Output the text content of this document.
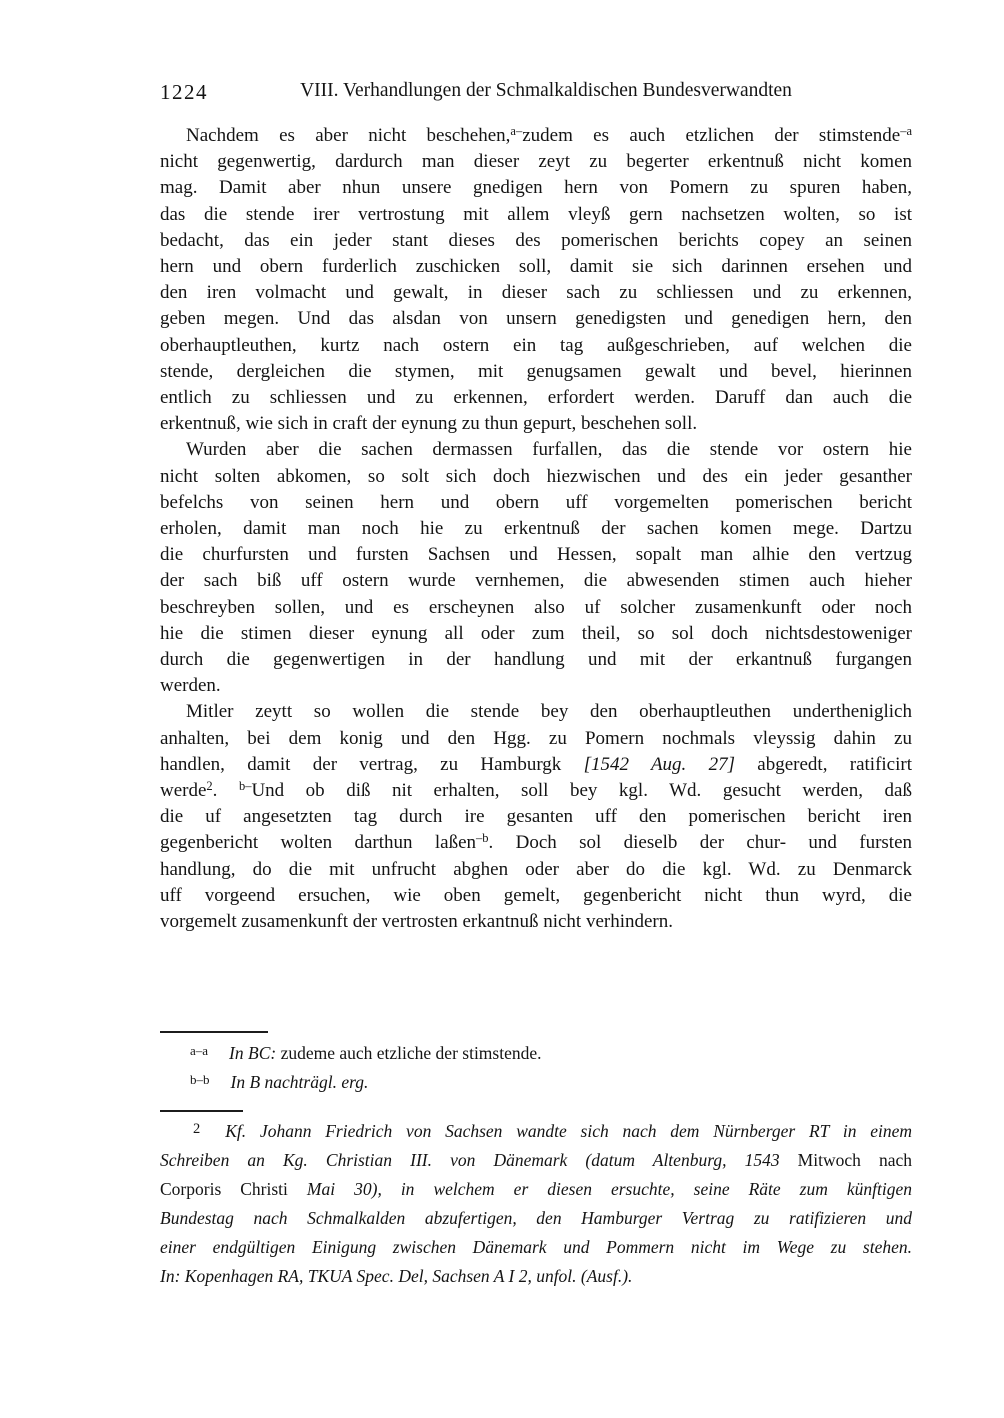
1224	VIII. Verhandlungen der Schmalkaldischen Bundesverwandten
Nachdem es aber nicht beschehen,$^{a-}$zudem es auch etzlichen der stimstende$^{-a}$
nicht gegenwertig, dardurch man dieser zeyt zu begerter erkentnuß nicht komen
mag. Damit aber nhun unsere gnedigen hern von Pomern zu spuren haben,
das die stende irer vertrostung mit allem vleyß gern nachsetzen wolten, so ist
bedacht, das ein jeder stant dieses des pomerischen berichts copey an seinen
hern und obern furderlich zuschicken soll, damit sie sich darinnen ersehen und
den iren volmacht und gewalt, in dieser sach zu schliessen und zu erkennen,
geben megen. Und das alsdan von unsern genedigsten und genedigen hern, den
oberhauptleuthen, kurtz nach ostern ein tag außgeschrieben, auf welchen die
stende, dergleichen die stymen, mit genugsamen gewalt und bevel, hierinnen
entlich zu schliessen und zu erkennen, erfordert werden. Daruff dan auch die
erkentnuß, wie sich in craft der eynung zu thun gepurt, beschehen soll.
Wurden aber die sachen dermassen furfallen, das die stende vor ostern hie
nicht solten abkomen, so solt sich doch hiezwischen und des ein jeder gesanther
befelchs von seinen hern und obern uff vorgemelten pomerischen bericht
erholen, damit man noch hie zu erkentnuß der sachen komen mege. Dartzu
die churfursten und fursten Sachsen und Hessen, sopalt man alhie den vertzug
der sach biß uff ostern wurde vernhemen, die abwesenden stimen auch hieher
beschreyben sollen, und es erscheynen also uf solcher zusamenkunft oder noch
hie die stimen dieser eynung all oder zum theil, so sol doch nichtsdestoweniger
durch die gegenwertigen in der handlung und mit der erkantnuß furgangen
werden.
Mitler zeytt so wollen die stende bey den oberhauptleuthen undertheniglich
anhalten, bei dem konig und den Hgg. zu Pomern nochmals vleyssig dahin zu
handlen, damit der vertrag, zu Hamburgk [1542 Aug. 27] abgeredt, ratificirt
werde$^2$. $^{b-}$Und ob diß nit erhalten, soll bey kgl. Wd. gesucht werden, daß
die uf angesetzten tag durch ire gesanten uff den pomerischen bericht iren
gegenbericht wolten darthun laßen$^{-b}$. Doch sol dieselb der chur- und fursten
handlung, do die mit unfrucht abghen oder aber do die kgl. Wd. zu Denmarck
uff vorgeend ersuchen, wie oben gemelt, gegenbericht nicht thun wyrd, die
vorgemelt zusamenkunft der vertrosten erkantnuß nicht verhindern.
$^{a-a}$ In BC: zudeme auch etzliche der stimstende.
$^{b-b}$ In B nachträgl. erg.
$^2$ Kf. Johann Friedrich von Sachsen wandte sich nach dem Nürnberger RT in einem
Schreiben an Kg. Christian III. von Dänemark (datum Altenburg, 1543 Mitwoch nach
Corporis Christi Mai 30), in welchem er diesen ersuchte, seine Räte zum künftigen
Bundestag nach Schmalkalden abzufertigen, den Hamburger Vertrag zu ratifizieren und
einer endgültigen Einigung zwischen Dänemark und Pommern nicht im Wege zu stehen.
In: Kopenhagen RA, TKUA Spec. Del, Sachsen A I 2, unfol. (Ausf.).
